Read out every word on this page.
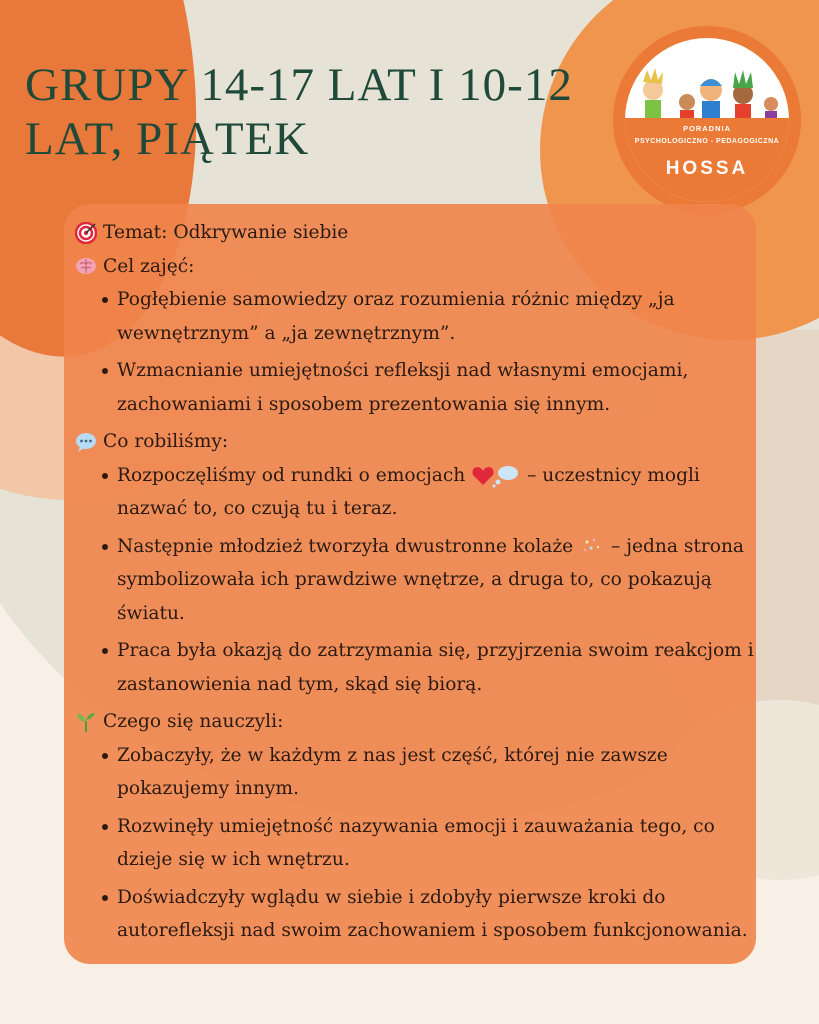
GRUPY 14-17 LAT I 10-12 LAT, PIĄTEK	PORADNIA
PSYCHOLOGICZNO - PEDAGOGICZNA
HOSSA
Temat: Odkrywanie siebie
Cel zajęć:
Pogłębienie samowiedzy oraz rozumienia różnic między „ja wewnętrznym” a „ja zewnętrznym”.
Wzmacnianie umiejętności refleksji nad własnymi emocjami, zachowaniami i sposobem prezentowania się innym.
Co robiliśmy:
Rozpoczęliśmy od rundki o emocjach	– uczestnicy mogli nazwać to, co czują tu i teraz.
Następnie młodzież tworzyła dwustronne kolaże  – jedna strona symbolizowała ich prawdziwe wnętrze, a druga to, co pokazują światu.
Praca była okazją do zatrzymania się, przyjrzenia swoim reakcjom i zastanowienia nad tym, skąd się biorą.
Czego się nauczyli:
Zobaczyły, że w każdym z nas jest część, której nie zawsze pokazujemy innym.
Rozwinęły umiejętność nazywania emocji i zauważania tego, co dzieje się w ich wnętrzu.
Doświadczyły wglądu w siebie i zdobyły pierwsze kroki do autorefleksji nad swoim zachowaniem i sposobem funkcjonowania.
